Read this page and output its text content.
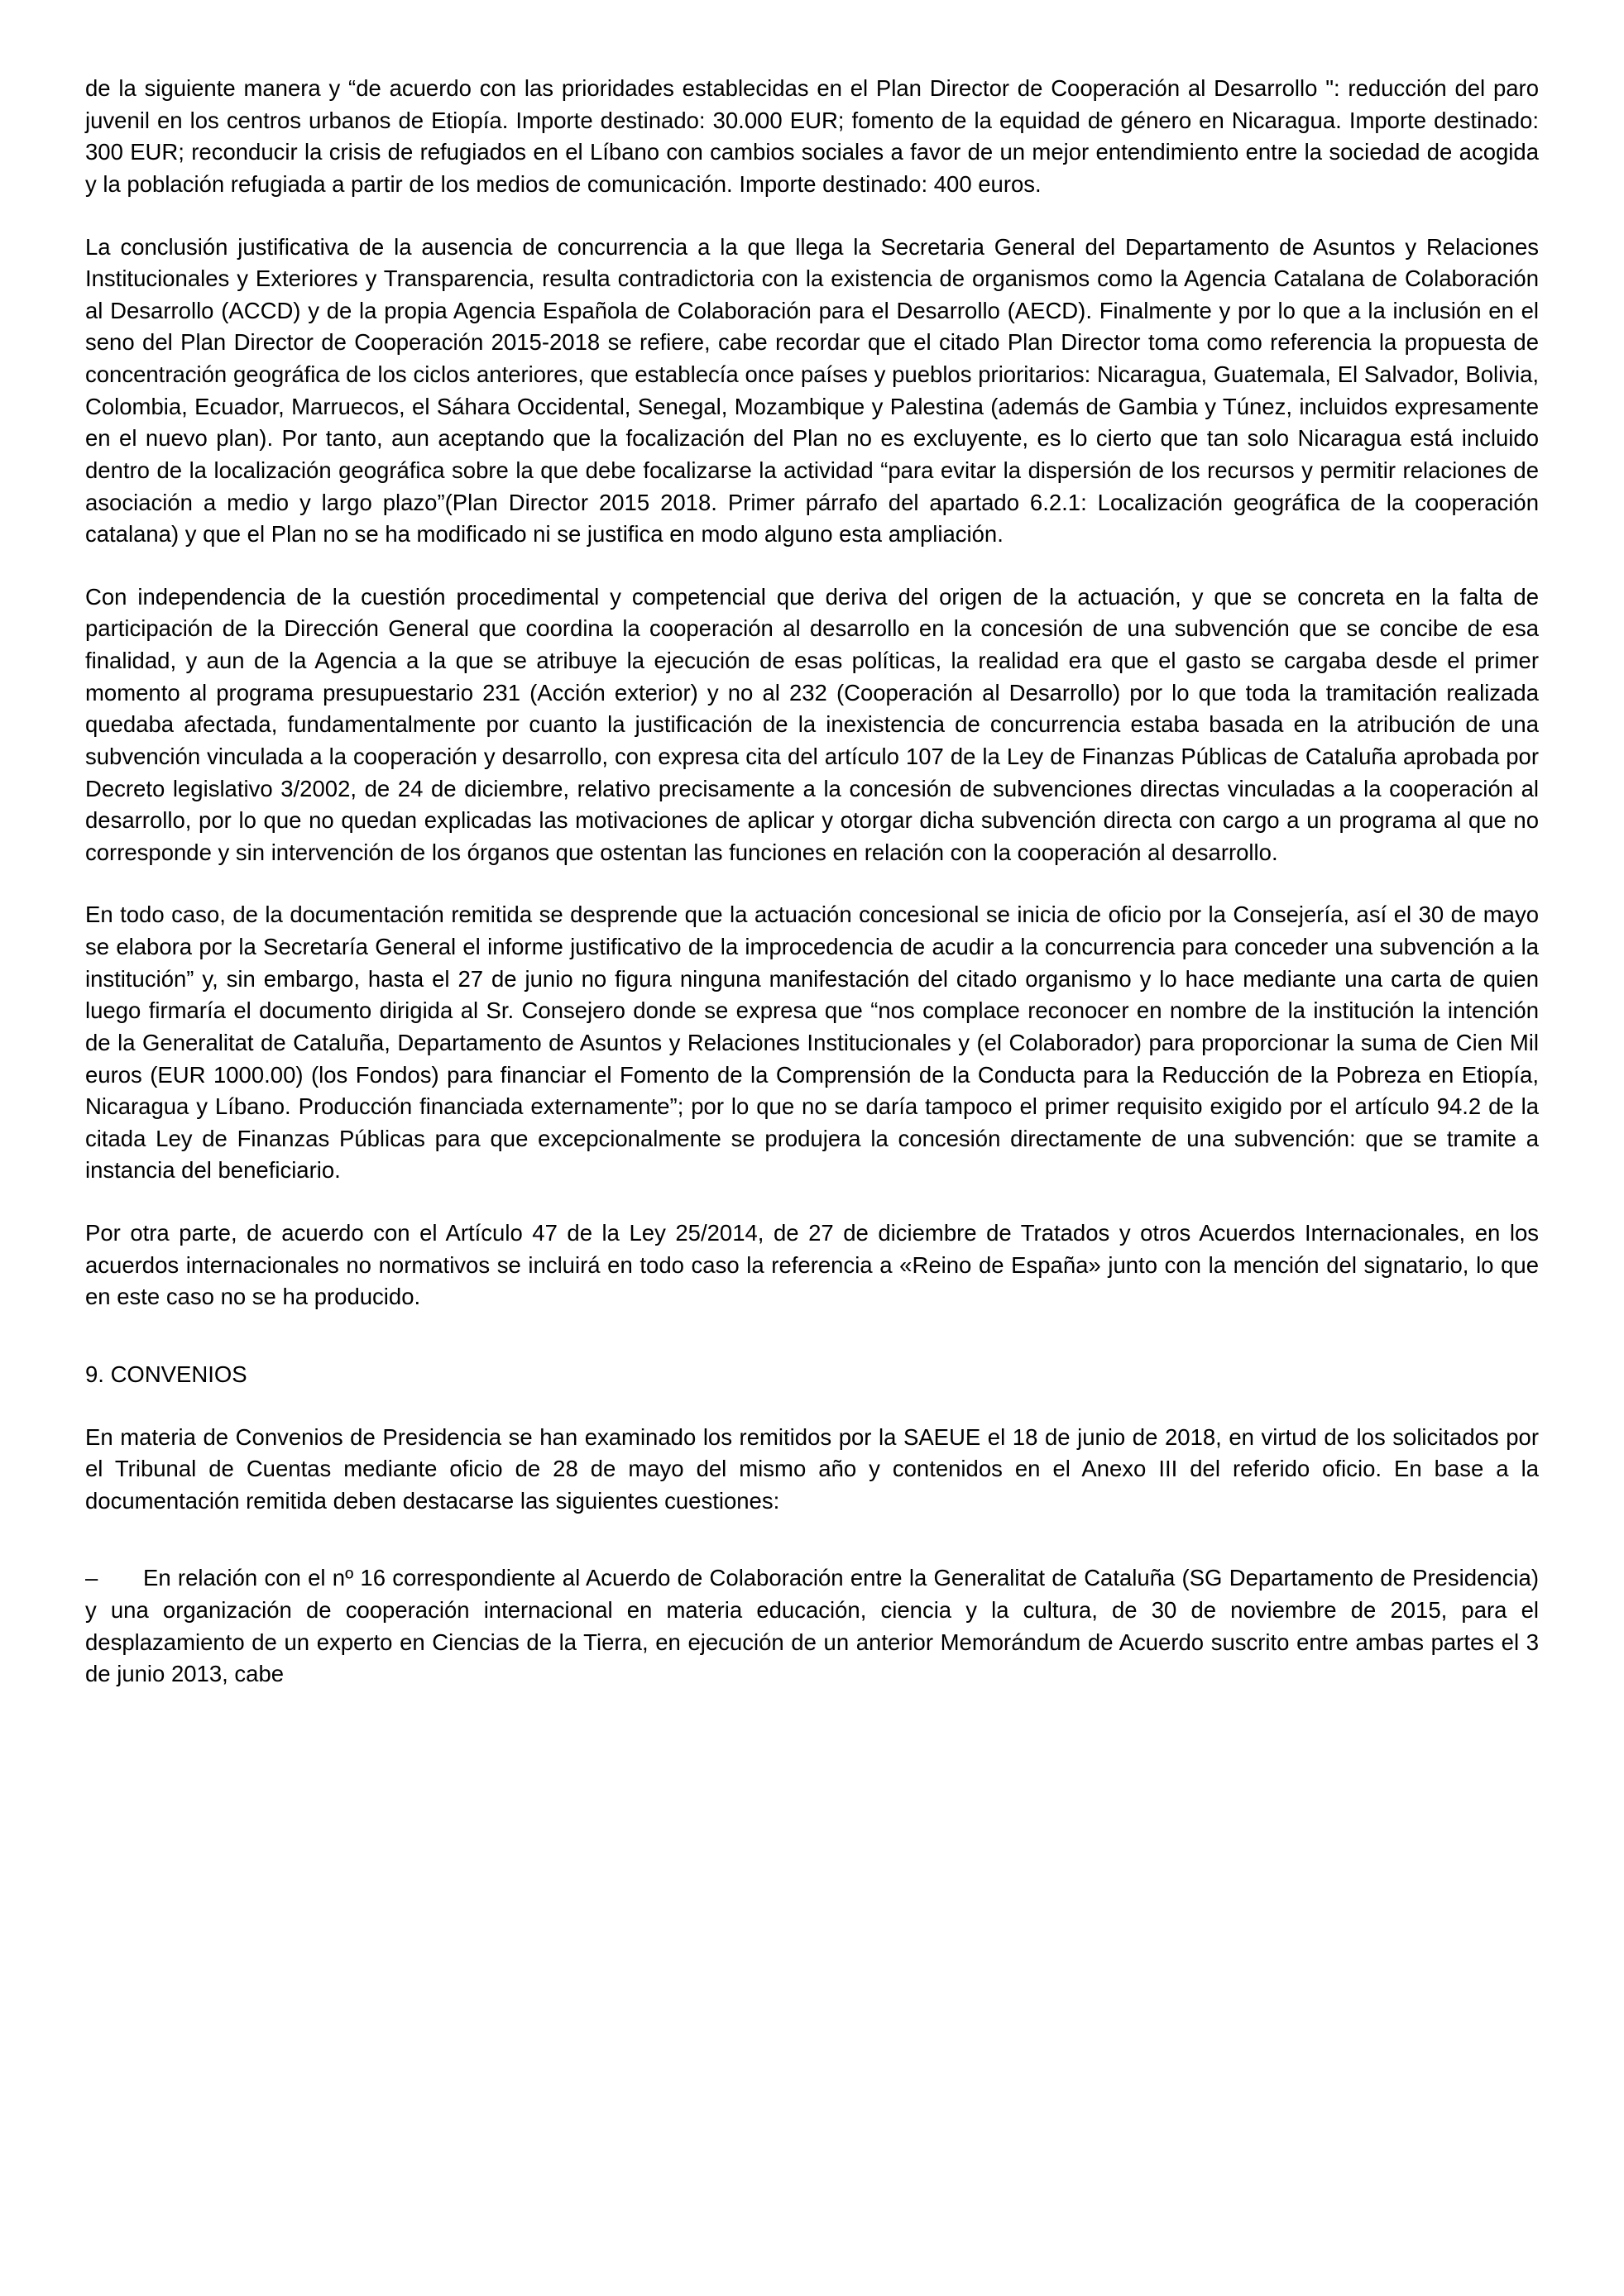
de la siguiente manera y “de acuerdo con las prioridades establecidas en el Plan Director de Cooperación al Desarrollo ": reducción del paro juvenil en los centros urbanos de Etiopía. Importe destinado: 30.000 EUR; fomento de la equidad de género en Nicaragua. Importe destinado: 300 EUR; reconducir la crisis de refugiados en el Líbano con cambios sociales a favor de un mejor entendimiento entre la sociedad de acogida y la población refugiada a partir de los medios de comunicación. Importe destinado: 400 euros.

La conclusión justificativa de la ausencia de concurrencia a la que llega la Secretaria General del Departamento de Asuntos y Relaciones Institucionales y Exteriores y Transparencia, resulta contradictoria con la existencia de organismos como la Agencia Catalana de Colaboración al Desarrollo (ACCD) y de la propia Agencia Española de Colaboración para el Desarrollo (AECD). Finalmente y por lo que a la inclusión en el seno del Plan Director de Cooperación 2015-2018 se refiere, cabe recordar que el citado Plan Director toma como referencia la propuesta de concentración geográfica de los ciclos anteriores, que establecía once países y pueblos prioritarios: Nicaragua, Guatemala, El Salvador, Bolivia, Colombia, Ecuador, Marruecos, el Sáhara Occidental, Senegal, Mozambique y Palestina (además de Gambia y Túnez, incluidos expresamente en el nuevo plan). Por tanto, aun aceptando que la focalización del Plan no es excluyente, es lo cierto que tan solo Nicaragua está incluido dentro de la localización geográfica sobre la que debe focalizarse la actividad “para evitar la dispersión de los recursos y permitir relaciones de asociación a medio y largo plazo”(Plan Director 2015 2018. Primer párrafo del apartado 6.2.1: Localización geográfica de la cooperación catalana) y que el Plan no se ha modificado ni se justifica en modo alguno esta ampliación.

Con independencia de la cuestión procedimental y competencial que deriva del origen de la actuación, y que se concreta en la falta de participación de la Dirección General que coordina la cooperación al desarrollo en la concesión de una subvención que se concibe de esa finalidad, y aun de la Agencia a la que se atribuye la ejecución de esas políticas, la realidad era que el gasto se cargaba desde el primer momento al programa presupuestario 231 (Acción exterior) y no al 232 (Cooperación al Desarrollo) por lo que toda la tramitación realizada quedaba afectada, fundamentalmente por cuanto la justificación de la inexistencia de concurrencia estaba basada en la atribución de una subvención vinculada a la cooperación y desarrollo, con expresa cita del artículo 107 de la Ley de Finanzas Públicas de Cataluña aprobada por Decreto legislativo 3/2002, de 24 de diciembre, relativo precisamente a la concesión de subvenciones directas vinculadas a la cooperación al desarrollo, por lo que no quedan explicadas las motivaciones de aplicar y otorgar dicha subvención directa con cargo a un programa al que no corresponde y sin intervención de los órganos que ostentan las funciones en relación con la cooperación al desarrollo.

En todo caso, de la documentación remitida se desprende que la actuación concesional se inicia de oficio por la Consejería, así el 30 de mayo se elabora por la Secretaría General el informe justificativo de la improcedencia de acudir a la concurrencia para conceder una subvención a la institución” y, sin embargo, hasta el 27 de junio no figura ninguna manifestación del citado organismo y lo hace mediante una carta de quien luego firmaría el documento dirigida al Sr. Consejero donde se expresa que “nos complace reconocer en nombre de la institución la intención de la Generalitat de Cataluña, Departamento de Asuntos y Relaciones Institucionales y (el Colaborador) para proporcionar la suma de Cien Mil euros (EUR 1000.00) (los Fondos) para financiar el Fomento de la Comprensión de la Conducta para la Reducción de la Pobreza en Etiopía, Nicaragua y Líbano. Producción financiada externamente”; por lo que no se daría tampoco el primer requisito exigido por el artículo 94.2 de la citada Ley de Finanzas Públicas para que excepcionalmente se produjera la concesión directamente de una subvención: que se tramite a instancia del beneficiario.

Por otra parte, de acuerdo con el Artículo 47 de la Ley 25/2014, de 27 de diciembre de Tratados y otros Acuerdos Internacionales, en los acuerdos internacionales no normativos se incluirá en todo caso la referencia a «Reino de España» junto con la mención del signatario, lo que en este caso no se ha producido.

9. CONVENIOS

En materia de Convenios de Presidencia se han examinado los remitidos por la SAEUE el 18 de junio de 2018, en virtud de los solicitados por el Tribunal de Cuentas mediante oficio de 28 de mayo del mismo año y contenidos en el Anexo III del referido oficio. En base a la documentación remitida deben destacarse las siguientes cuestiones:

– En relación con el nº 16 correspondiente al Acuerdo de Colaboración entre la Generalitat de Cataluña (SG Departamento de Presidencia) y una organización de cooperación internacional en materia educación, ciencia y la cultura, de 30 de noviembre de 2015, para el desplazamiento de un experto en Ciencias de la Tierra, en ejecución de un anterior Memorándum de Acuerdo suscrito entre ambas partes el 3 de junio 2013, cabe
